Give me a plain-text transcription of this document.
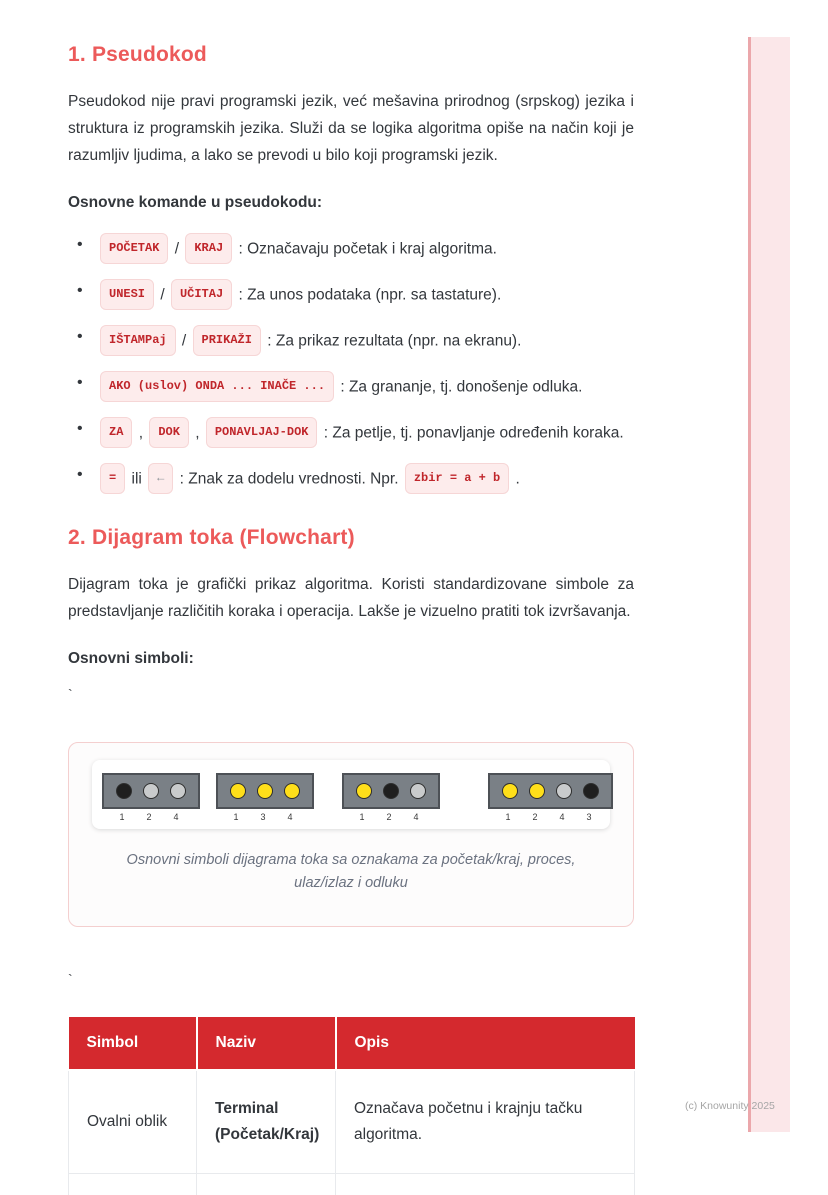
1. Pseudokod

Pseudokod nije pravi programski jezik, već mešavina prirodnog (srpskog) jezika i struktura iz programskih jezika. Služi da se logika algoritma opiše na način koji je razumljiv ljudima, a lako se prevodi u bilo koji programski jezik.

Osnovne komande u pseudokodu:

• POČETAK / KRAJ : Označavaju početak i kraj algoritma.
• UNESI / UČITAJ : Za unos podataka (npr. sa tastature).
• IŠTAMPaj / PRIKAŽI : Za prikaz rezultata (npr. na ekranu).
• AKO (uslov) ONDA ... INAČE ... : Za grananje, tj. donošenje odluka.
• ZA , DOK , PONAVLJAJ-DOK : Za petlje, tj. ponavljanje određenih koraka.
• = ili ← : Znak za dodelu vrednosti. Npr. zbir = a + b .
2. Dijagram toka (Flowchart)

Dijagram toka je grafički prikaz algoritma. Koristi standardizovane simbole za predstavljanje različitih koraka i operacija. Lakše je vizuelno pratiti tok izvršavanja.

Osnovni simboli:

`
1	2	4	1	3	4	1	2	4	1	2	4	3
Osnovni simboli dijagrama toka sa oznakama za početak/kraj, proces, ulaz/izlaz i odluku
`
Simbol	Naziv	Opis
Ovalni oblik	Terminal (Početak/Kraj)	Označava početnu i krajnju tačku algoritma.

(c) Knowunity 2025
